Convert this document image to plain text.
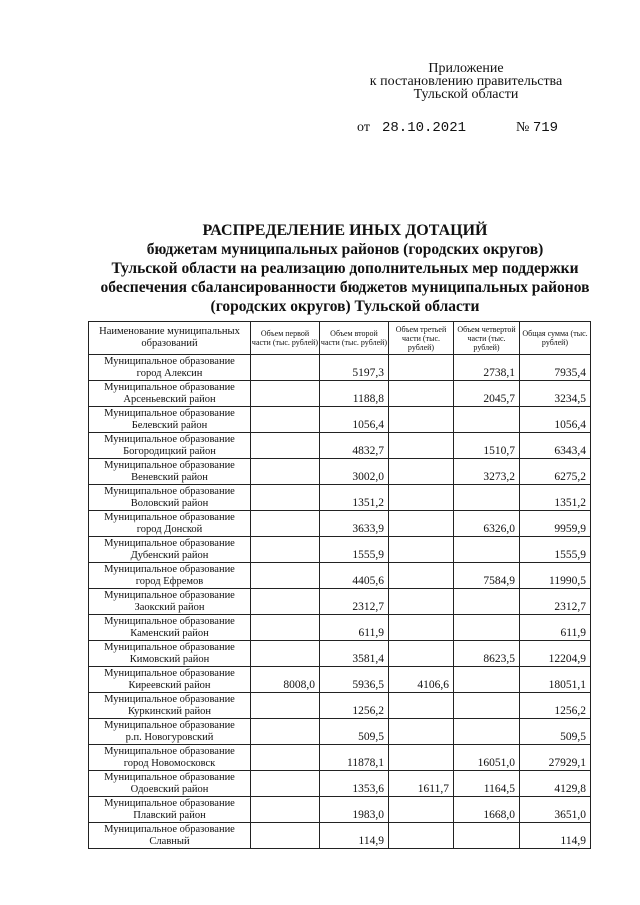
Приложение
к постановлению правительства
Тульской области
от 28.10.2021	№ 719
РАСПРЕДЕЛЕНИЕ ИНЫХ ДОТАЦИЙ
бюджетам муниципальных районов (городских округов)
Тульской области на реализацию дополнительных мер поддержки
обеспечения сбалансированности бюджетов муниципальных районов
(городских округов) Тульской области
Наименование муниципальных образований	Объем первой части (тыс. рублей)	Объем второй части (тыс. рублей)	Объем третьей части (тыс. рублей)	Объем четвертой части (тыс. рублей)	Общая сумма (тыс. рублей)

Муниципальное образование
город Алексин		5197,3		2738,1	7935,4

Муниципальное образование
Арсеньевский район		1188,8		2045,7	3234,5

Муниципальное образование
Белевский район		1056,4			1056,4

Муниципальное образование
Богородицкий район		4832,7		1510,7	6343,4

Муниципальное образование
Веневский район		3002,0		3273,2	6275,2

Муниципальное образование
Воловский район		1351,2			1351,2

Муниципальное образование
город Донской		3633,9		6326,0	9959,9

Муниципальное образование
Дубенский район		1555,9			1555,9

Муниципальное образование
город Ефремов		4405,6		7584,9	11990,5

Муниципальное образование
Заокский район		2312,7			2312,7

Муниципальное образование
Каменский район		611,9			611,9

Муниципальное образование
Кимовский район		3581,4		8623,5	12204,9

Муниципальное образование
Киреевский район	8008,0	5936,5	4106,6		18051,1

Муниципальное образование
Куркинский район		1256,2			1256,2

Муниципальное образование
р.п. Новогуровский		509,5			509,5

Муниципальное образование
город Новомосковск		11878,1		16051,0	27929,1

Муниципальное образование
Одоевский район		1353,6	1611,7	1164,5	4129,8

Муниципальное образование
Плавский район		1983,0		1668,0	3651,0

Муниципальное образование
Славный		114,9			114,9
